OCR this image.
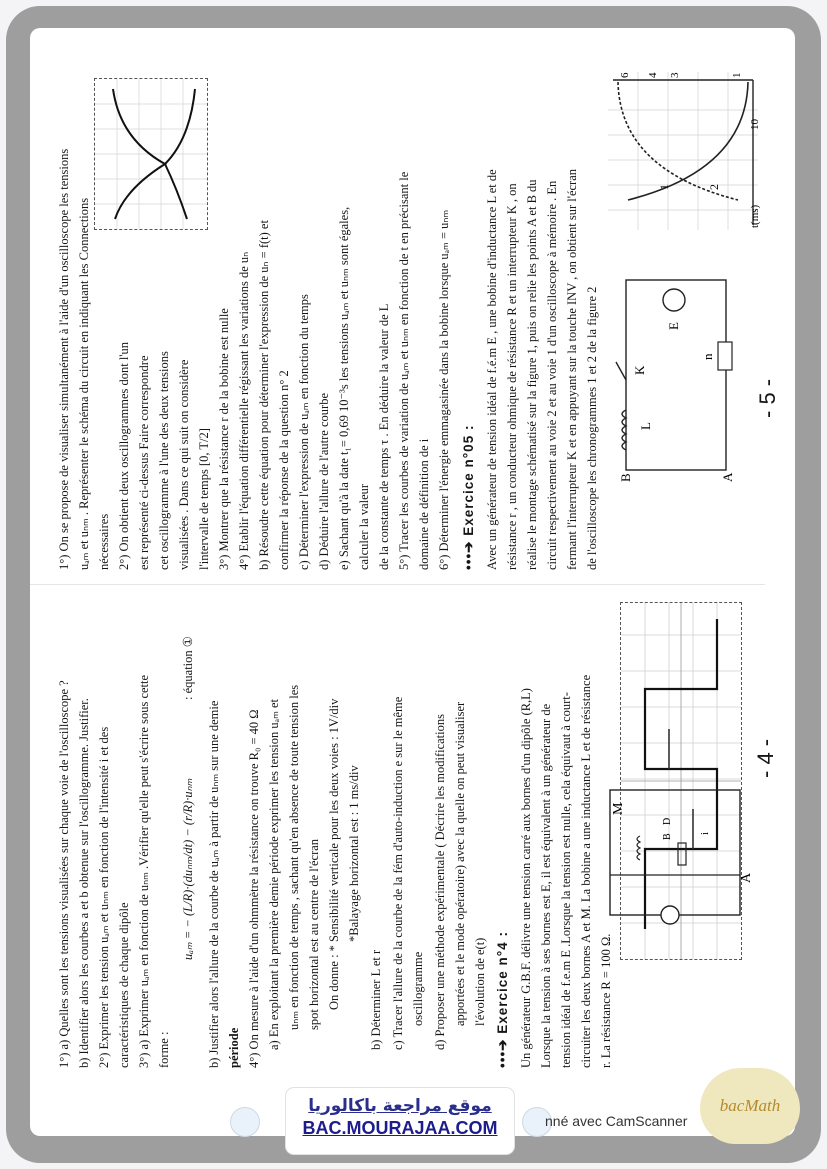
1°) a) Quelles sont les tensions visualisées sur chaque voie de l'oscilloscope ? b) Identifier alors les courbes a et b obtenue sur l'oscillogramme. Justifier. 2°) Exprimer les tension uₐₘ et uₙₘ en fonction de l'intensité i et des caractéristiques de chaque dipôle 3°) a) Exprimer uₐₘ en fonction de uₙₘ .Vérifier qu'elle peut s'écrire sous cette forme :
uₐₘ = − (L/R)·(duₙₘ/dt) − (r/R)·uₙₘ
: équation ①
b) Justifier alors l'allure de la courbe de uₐₘ à partir de uₙₘ sur une demie période 4°) On mesure à l'aide d'un ohmmètre la résistance on trouve R₀ = 40 Ω a) En exploitant la première demie période exprimer les tension uₐₘ et uₙₘ en fonction de temps , sachant qu'en absence de toute tension les spot horizontal est au centre de l'écran On donne : * Sensibilité verticale pour les deux voies : 1V/div *Balayage horizontal est : 1 ms/div
b) Déterminer L et r c) Tracer l'allure de la courbe de la fém d'auto-induction e sur le même oscillogramme d) Proposer une méthode expérimentale ( Décrire les modifications apportées et le mode opératoire) avec la quelle on peut visualiser l'évolution de e(t) •••➔ Exercice n°4 : Un générateur G.B.F. délivre une tension carré aux bornes d'un dipôle (R,L) Lorsque la tension à ses bornes est E, il est équivalent à un générateur de tension idéal de f.e.m E .Lorsque la tension est nulle, cela équivaut à court- circuiter les deux bornes A et M. La bobine a une inductance L et de résistance r. La résistance R = 100 Ω.
- 4 -
A
M
B
D
i
1°) On se propose de visualiser simultanément à l'aide d'un oscilloscope les tensions uₐₘ et uₙₘ . Représenter le schéma du circuit en indiquant les Connections nécessaires 2°) On obtient deux oscillogrammes dont l'un est représenté ci-dessus Faire correspondre cet oscillogramme à l'une des deux tensions visualisées . Dans ce qui suit on considère l'intervalle de temps [0, T/2] 3°) Montrer que la résistance r de la bobine est nulle 4°) Etablir l'équation différentielle régissant les variations de uₙ b) Résoudre cette équation pour déterminer l'expression de uₙ = f(t) et confirmer la réponse de la question n° 2 c) Déterminer l'expression de uₐₘ en fonction du temps d) Déduire l'allure de l'autre courbe e) Sachant qu'à la date t₁= 0,69 10⁻³s les tensions uₐₘ et uₙₘ sont égales, calculer la valeur de la constante de temps τ . En déduire la valeur de L 5°) Tracer les courbes de variation de uₐₘ et uₙₘ en fonction de t en précisant le domaine de définition de i 6°) Déterminer l'énergie emmagasinée dans la bobine lorsque uₐₘ = uₙₘ •••➔ Exercice n°05 : Avec un générateur de tension idéal de f.é.m E , une bobine d'inductance L et de résistance r , un conducteur ohmique de résistance R et un interrupteur K , on réalise le montage schématisé sur la figure 1, puis on relie les points A et B du circuit respectivement au voie 2 et au voie 1 d'un oscilloscope à mémoire . En fermant l'interrupteur K et en appuyant sur la touche INV , on obtient sur l'écran de l'oscilloscope les chronogrammes 1 et 2 de la figure 2 B	A
K
E
L
n
- 5 -
1	2
t(ms)
10
6 4 3	1
موقع مراجعة باكالوريا
BAC.MOURAJAA.COM	nné avec CamScanner
bacMath
